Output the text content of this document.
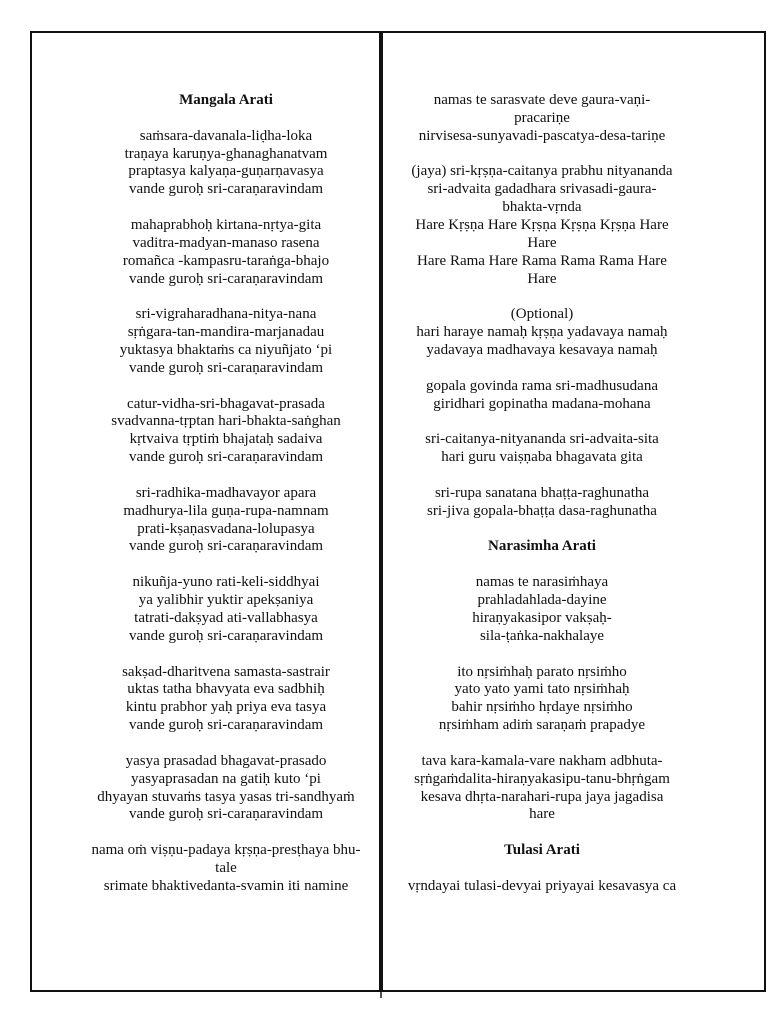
Mangala Arati
saṁsara-davanala-liḍha-loka
traṇaya karuṇya-ghanaghanatvam
praptasya kalyaṇa-guṇarṇavasya
vande guroḥ sri-caraṇaravindam
mahaprabhoḥ kirtana-nṛtya-gita
vaditra-madyan-manaso rasena
romañca -kampasru-taraṅga-bhajo
vande guroḥ sri-caraṇaravindam
sri-vigraharadhana-nitya-nana
sṛṅgara-tan-mandira-marjanadau
yuktasya bhaktaṁs ca niyuñjato ‘pi
vande guroḥ sri-caraṇaravindam
catur-vidha-sri-bhagavat-prasada
svadvanna-tṛptan hari-bhakta-saṅghan
kṛtvaiva tṛptiṁ bhajataḥ sadaiva
vande guroḥ sri-caraṇaravindam
sri-radhika-madhavayor apara
madhurya-lila guṇa-rupa-namnam
prati-kṣaṇasvadana-lolupasya
vande guroḥ sri-caraṇaravindam
nikuñja-yuno rati-keli-siddhyai
ya yalibhir yuktir apekṣaniya
tatrati-dakṣyad ati-vallabhasya
vande guroḥ sri-caraṇaravindam
sakṣad-dharitvena samasta-sastrair
uktas tatha bhavyata eva sadbhiḥ
kintu prabhor yaḥ priya eva tasya
vande guroḥ sri-caraṇaravindam
yasya prasadad bhagavat-prasado
yasyaprasadan na gatiḥ kuto ‘pi
dhyayan stuvaṁs tasya yasas tri-sandhyaṁ
vande guroḥ sri-caraṇaravindam
nama oṁ viṣṇu-padaya kṛṣṇa-presṭhaya bhu-
tale
srimate bhaktivedanta-svamin iti namine
namas te sarasvate deve gaura-vaṇi-
pracariṇe
nirvisesa-sunyavadi-pascatya-desa-tariṇe
(jaya) sri-kṛṣṇa-caitanya prabhu nityananda
sri-advaita gadadhara srivasadi-gaura-
bhakta-vṛnda
Hare Kṛṣṇa Hare Kṛṣṇa Kṛṣṇa Kṛṣṇa Hare
Hare
Hare Rama Hare Rama Rama Rama Hare
Hare
(Optional)
hari haraye namaḥ kṛṣṇa yadavaya namaḥ
yadavaya madhavaya kesavaya namaḥ
gopala govinda rama sri-madhusudana
giridhari gopinatha madana-mohana
sri-caitanya-nityananda sri-advaita-sita
hari guru vaiṣṇaba bhagavata gita
sri-rupa sanatana bhaṭṭa-raghunatha
sri-jiva gopala-bhaṭṭa dasa-raghunatha
Narasimha Arati
namas te narasiṁhaya
prahladahlada-dayine
hiraṇyakasipor vakṣaḥ-
sila-ṭaṅka-nakhalaye
ito nṛsiṁhaḥ parato nṛsiṁho
yato yato yami tato nṛsiṁhaḥ
bahir nṛsiṁho hṛdaye nṛsiṁho
nṛsiṁham adiṁ saraṇaṁ prapadye
tava kara-kamala-vare nakham adbhuta-
sṛṅgaṁdalita-hiraṇyakasipu-tanu-bhṛṅgam
kesava dhṛta-narahari-rupa jaya jagadisa
hare
Tulasi Arati
vṛndayai tulasi-devyai priyayai kesavasya ca
